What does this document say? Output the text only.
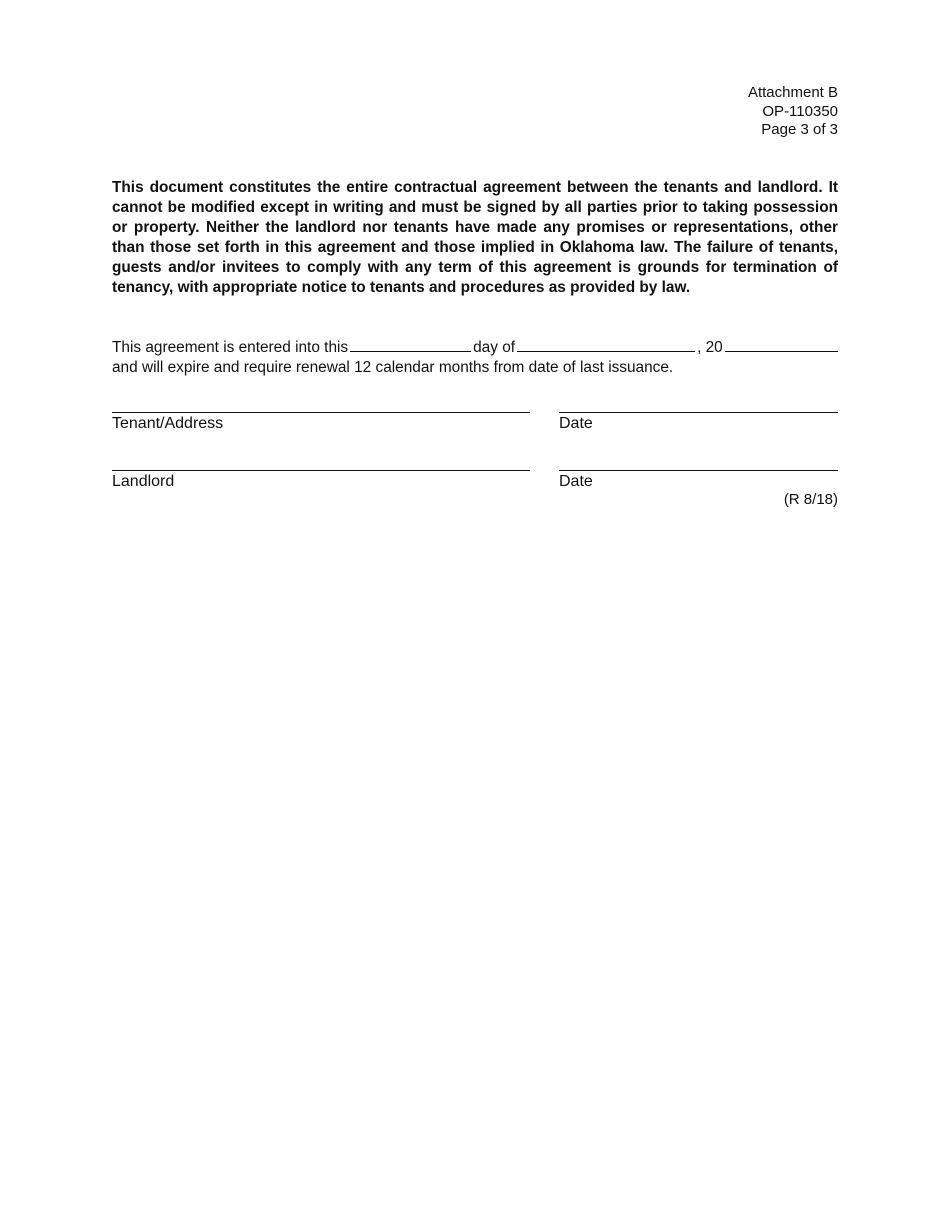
Attachment B
OP-110350
Page 3 of 3

This document constitutes the entire contractual agreement between the tenants and landlord. It cannot be modified except in writing and must be signed by all parties prior to taking possession or property. Neither the landlord nor tenants have made any promises or representations, other than those set forth in this agreement and those implied in Oklahoma law. The failure of tenants, guests and/or invitees to comply with any term of this agreement is grounds for termination of tenancy, with appropriate notice to tenants and procedures as provided by law.

This agreement is entered into this	day of	, 20
and will expire and require renewal 12 calendar months from date of last issuance.
Tenant/Address	Date
Landlord	Date
(R 8/18)
